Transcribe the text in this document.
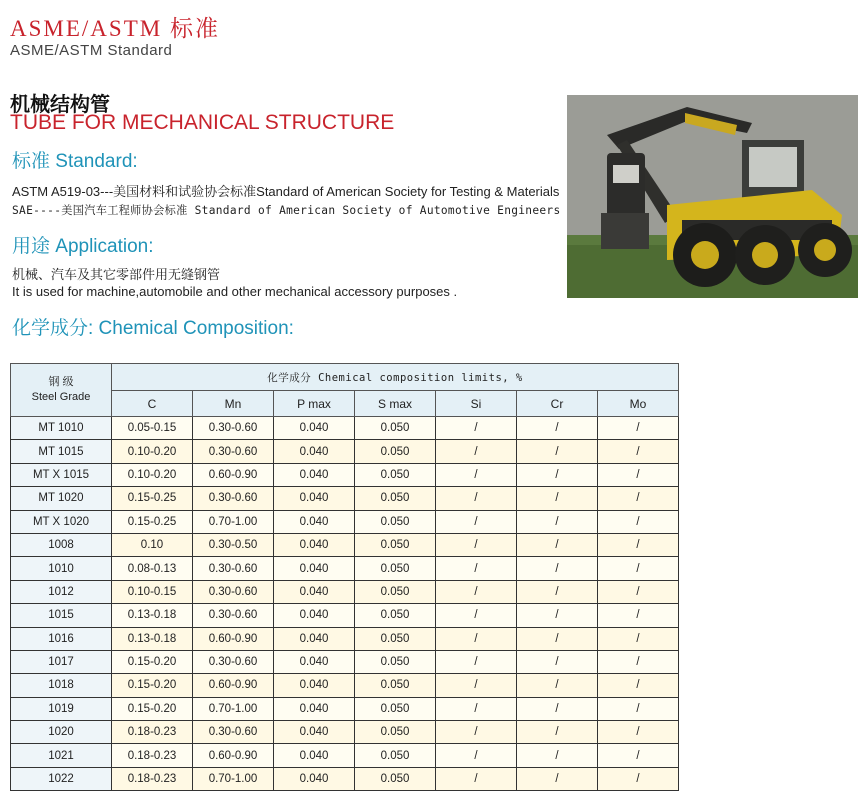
ASME/ASTM 标准
ASME/ASTM Standard
机械结构管
TUBE FOR MECHANICAL STRUCTURE
标准 Standard:
ASTM A519-03---美国材料和试验协会标准Standard of American Society for Testing & Materials
SAE----美国汽车工程师协会标准 Standard of American Society of Automotive Engineers
用途 Application:
机械、汽车及其它零部件用无缝钢管
It is used for machine,automobile and other mechanical accessory purposes .
化学成分: Chemical Composition:
钢 级
Steel Grade	化学成分 Chemical composition limits, %						
	C	Mn	P max	S max	Si	Cr	Mo
MT 1010	0.05-0.15	0.30-0.60	0.040	0.050	/	/	/
MT 1015	0.10-0.20	0.30-0.60	0.040	0.050	/	/	/
MT X 1015	0.10-0.20	0.60-0.90	0.040	0.050	/	/	/
MT 1020	0.15-0.25	0.30-0.60	0.040	0.050	/	/	/
MT X 1020	0.15-0.25	0.70-1.00	0.040	0.050	/	/	/
1008	0.10	0.30-0.50	0.040	0.050	/	/	/
1010	0.08-0.13	0.30-0.60	0.040	0.050	/	/	/
1012	0.10-0.15	0.30-0.60	0.040	0.050	/	/	/
1015	0.13-0.18	0.30-0.60	0.040	0.050	/	/	/
1016	0.13-0.18	0.60-0.90	0.040	0.050	/	/	/
1017	0.15-0.20	0.30-0.60	0.040	0.050	/	/	/
1018	0.15-0.20	0.60-0.90	0.040	0.050	/	/	/
1019	0.15-0.20	0.70-1.00	0.040	0.050	/	/	/
1020	0.18-0.23	0.30-0.60	0.040	0.050	/	/	/
1021	0.18-0.23	0.60-0.90	0.040	0.050	/	/	/
1022	0.18-0.23	0.70-1.00	0.040	0.050	/	/	/
